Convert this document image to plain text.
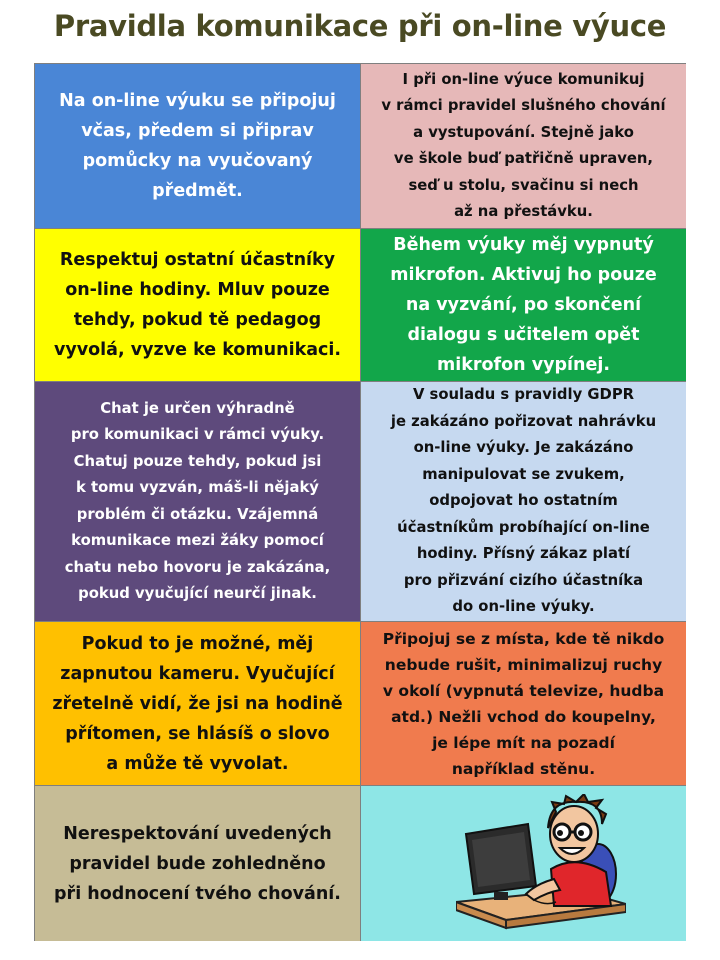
Pravidla komunikace při on-line výuce
Na on-line výuku se připojuj
včas, předem si připrav
pomůcky na vyučovaný
předmět.
I při on-line výuce komunikuj
v rámci pravidel slušného chování
a vystupování. Stejně jako
ve škole buď patřičně upraven,
seď u stolu, svačinu si nech
až na přestávku.
Respektuj ostatní účastníky
on-line hodiny. Mluv pouze
tehdy, pokud tě pedagog
vyvolá, vyzve ke komunikaci.
Během výuky měj vypnutý
mikrofon. Aktivuj ho pouze
na vyzvání, po skončení
dialogu s učitelem opět
mikrofon vypínej.
Chat je určen výhradně
pro komunikaci v rámci výuky.
Chatuj pouze tehdy, pokud jsi
k tomu vyzván, máš-li nějaký
problém či otázku. Vzájemná
komunikace mezi žáky pomocí
chatu nebo hovoru je zakázána,
pokud vyučující neurčí jinak.
V souladu s pravidly GDPR
je zakázáno pořizovat nahrávku
on-line výuky. Je zakázáno
manipulovat se zvukem,
odpojovat ho ostatním
účastníkům probíhající on-line
hodiny. Přísný zákaz platí
pro přizvání cizího účastníka
do on-line výuky.
Pokud to je možné, měj
zapnutou kameru. Vyučující
zřetelně vidí, že jsi na hodině
přítomen, se hlásíš o slovo
a může tě vyvolat.
Připojuj se z místa, kde tě nikdo
nebude rušit, minimalizuj ruchy
v okolí (vypnutá televize, hudba
atd.) Nežli vchod do koupelny,
je lépe mít na pozadí
například stěnu.
Nerespektování uvedených
pravidel bude zohledněno
při hodnocení tvého chování.
